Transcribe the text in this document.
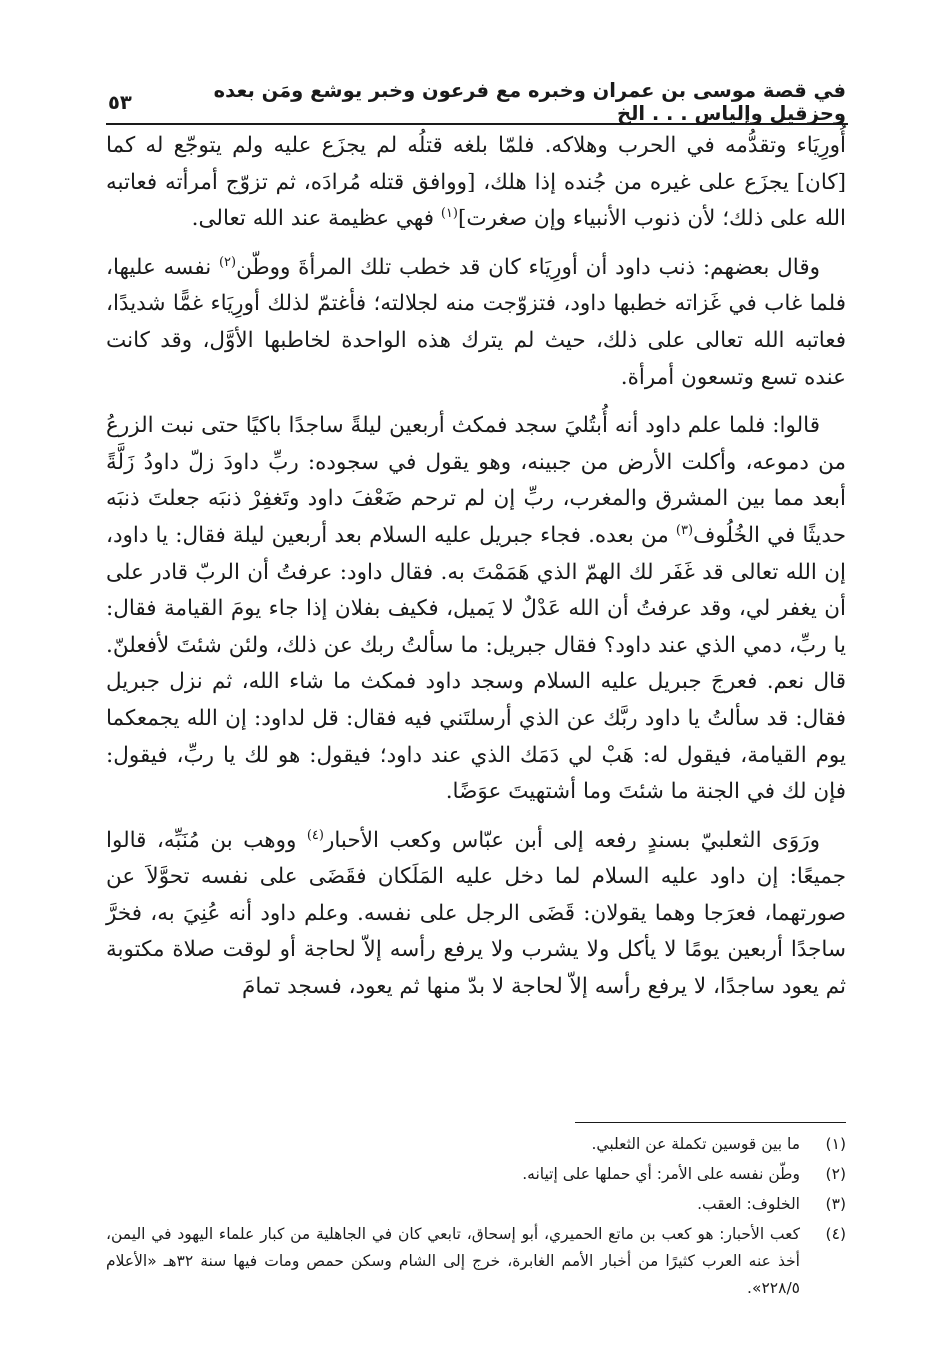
في قصة موسى بن عمران وخبره مع فرعون وخبر يوشع ومَن بعده وحزقيل وإلياس . . . الخ
٥٣

أُورِيَاء وتقدُّمه في الحرب وهلاكه. فلمّا بلغه قتلُه لم يجزَع عليه ولم يتوجّع له كما [كان] يجزَع على غيره من جُنده إذا هلك، [ووافق قتله مُرادَه، ثم تزوّج أمرأته فعاتبه الله على ذلك؛ لأن ذنوب الأنبياء وإن صغرت]$^{(١)}$ فهي عظيمة عند الله تعالى.

وقال بعضهم: ذنب داود أن أورِيَاء كان قد خطب تلك المرأةَ ووطّن$^{(٢)}$ نفسه عليها، فلما غاب في غَزاته خطبها داود، فتزوّجت منه لجلالته؛ فأغتمّ لذلك أورِيَاء غمًّا شديدًا، فعاتبه الله تعالى على ذلك، حيث لم يترك هذه الواحدة لخاطبها الأوَّل، وقد كانت عنده تسع وتسعون أمرأة.

قالوا: فلما علم داود أنه أُبتُليَ سجد فمكث أربعين ليلةً ساجدًا باكيًا حتى نبت الزرعُ من دموعه، وأكلت الأرض من جبينه، وهو يقول في سجوده: ربِّ داودَ زلّ داودُ زَلَّةً أبعد مما بين المشرق والمغرب، ربِّ إن لم ترحم ضَعْفَ داود وتَغفِرْ ذنبَه جعلتَ ذنبَه حديثًا في الخُلُوف$^{(٣)}$ من بعده. فجاء جبريل عليه السلام بعد أربعين ليلة فقال: يا داود، إن الله تعالى قد غَفَر لك الهمّ الذي هَمَمْتَ به. فقال داود: عرفتُ أن الربّ قادر على أن يغفر لي، وقد عرفتُ أن الله عَدْلٌ لا يَميل، فكيف بفلان إذا جاء يومَ القيامة فقال: يا ربِّ، دمي الذي عند داود؟ فقال جبريل: ما سألتُ ربك عن ذلك، ولئن شئتَ لأفعلنّ. قال نعم. فعرجَ جبريل عليه السلام وسجد داود فمكث ما شاء الله، ثم نزل جبريل فقال: قد سألتُ يا داود ربَّك عن الذي أرسلتَني فيه فقال: قل لداود: إن الله يجمعكما يوم القيامة، فيقول له: هَبْ لي دَمَك الذي عند داود؛ فيقول: هو لك يا ربِّ، فيقول: فإن لك في الجنة ما شئتَ وما أشتهيتَ عوَضًا.

ورَوَى الثعلبيّ بسندٍ رفعه إلى أبن عبّاس وكعب الأحبار$^{(٤)}$ ووهب بن مُنَبِّه، قالوا جميعًا: إن داود عليه السلام لما دخل عليه المَلَكان فقَضَى على نفسه تحوَّلاَ عن صورتهما، فعرَجا وهما يقولان: قَضَى الرجل على نفسه. وعلم داود أنه عُنِيَ به، فخرَّ ساجدًا أربعين يومًا لا يأكل ولا يشرب ولا يرفع رأسه إلاّ لحاجة أو لوقت صلاة مكتوبة ثم يعود ساجدًا، لا يرفع رأسه إلاّ لحاجة لا بدّ منها ثم يعود، فسجد تمامَ

(١)
ما بين قوسين تكملة عن الثعلبي.
(٢)
وطّن نفسه على الأمر: أي حملها على إتيانه.
(٣)
الخلوف: العقب.
(٤)
كعب الأحبار: هو كعب بن ماتع الحميري، أبو إسحاق، تابعي كان في الجاهلية من كبار علماء اليهود في اليمن، أخذ عنه العرب كثيرًا من أخبار الأمم الغابرة، خرج إلى الشام وسكن حمص ومات فيها سنة ٣٢هـ «الأعلام ٢٢٨/٥».
